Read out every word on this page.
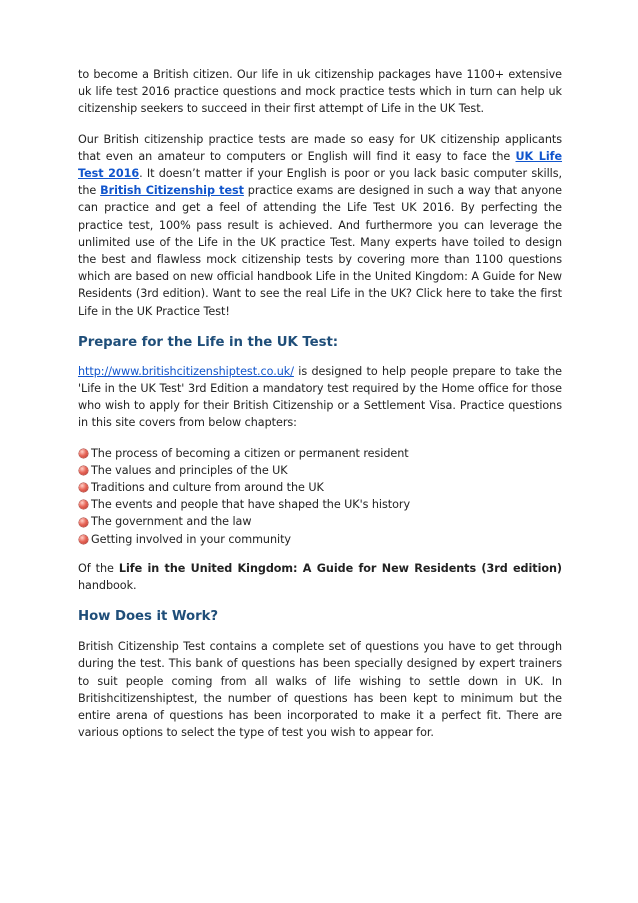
to become a British citizen. Our life in uk citizenship packages have 1100+ extensive uk life test 2016 practice questions and mock practice tests which in turn can help uk citizenship seekers to succeed in their first attempt of Life in the UK Test.

Our British citizenship practice tests are made so easy for UK citizenship applicants that even an amateur to computers or English will find it easy to face the UK Life Test 2016. It doesn’t matter if your English is poor or you lack basic computer skills, the British Citizenship test practice exams are designed in such a way that anyone can practice and get a feel of attending the Life Test UK 2016. By perfecting the practice test, 100% pass result is achieved. And furthermore you can leverage the unlimited use of the Life in the UK practice Test. Many experts have toiled to design the best and flawless mock citizenship tests by covering more than 1100 questions which are based on new official handbook Life in the United Kingdom: A Guide for New Residents (3rd edition). Want to see the real Life in the UK? Click here to take the first Life in the UK Practice Test!

Prepare for the Life in the UK Test:

http://www.britishcitizenshiptest.co.uk/ is designed to help people prepare to take the 'Life in the UK Test' 3rd Edition a mandatory test required by the Home office for those who wish to apply for their British Citizenship or a Settlement Visa. Practice questions in this site covers from below chapters:

The process of becoming a citizen or permanent resident
The values and principles of the UK
Traditions and culture from around the UK
The events and people that have shaped the UK's history
The government and the law
Getting involved in your community

Of the Life in the United Kingdom: A Guide for New Residents (3rd edition) handbook.

How Does it Work?

British Citizenship Test contains a complete set of questions you have to get through during the test. This bank of questions has been specially designed by expert trainers to suit people coming from all walks of life wishing to settle down in UK. In Britishcitizenshiptest, the number of questions has been kept to minimum but the entire arena of questions has been incorporated to make it a perfect fit. There are various options to select the type of test you wish to appear for.
